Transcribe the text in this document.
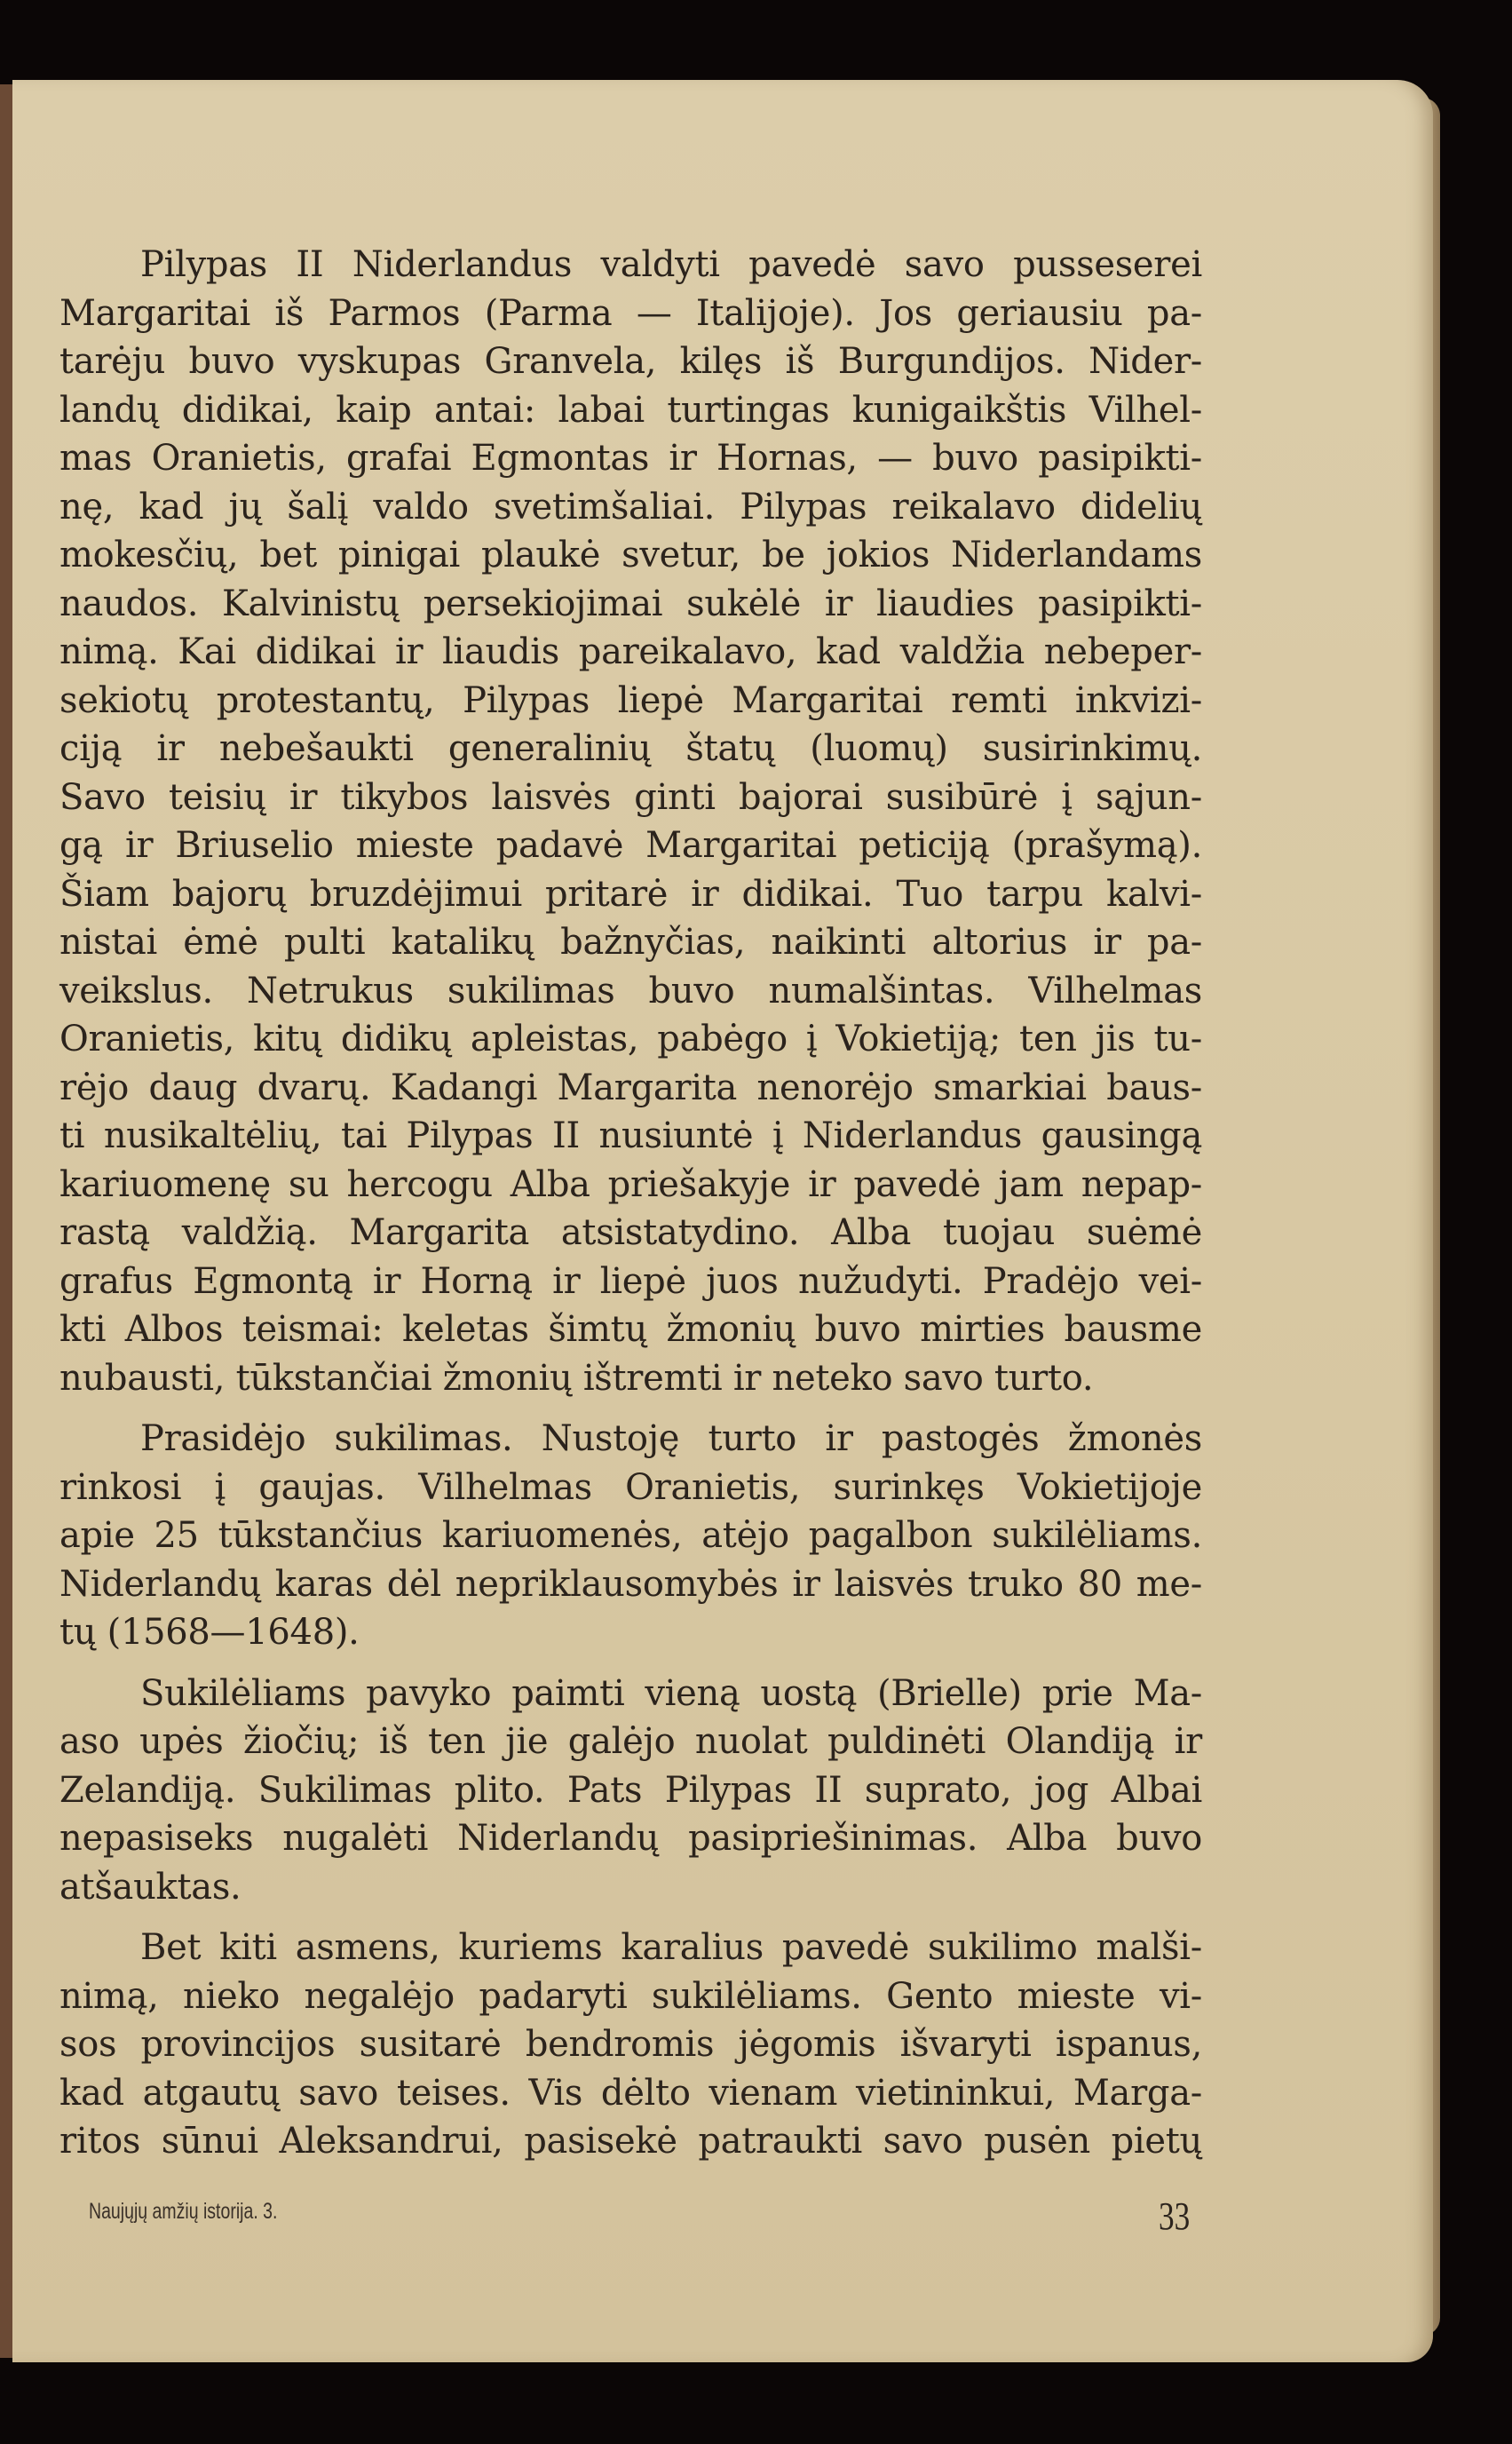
Pilypas II Niderlandus valdyti pavedė savo pusseserei
Margaritai iš Parmos (Parma — Italijoje). Jos geriausiu pa-
tarėju buvo vyskupas Granvela, kilęs iš Burgundijos. Nider-
landų didikai, kaip antai: labai turtingas kunigaikštis Vilhel-
mas Oranietis, grafai Egmontas ir Hornas, — buvo pasipikti-
nę, kad jų šalį valdo svetimšaliai. Pilypas reikalavo didelių
mokesčių, bet pinigai plaukė svetur, be jokios Niderlandams
naudos. Kalvinistų persekiojimai sukėlė ir liaudies pasipikti-
nimą. Kai didikai ir liaudis pareikalavo, kad valdžia nebeper-
sekiotų protestantų, Pilypas liepė Margaritai remti inkvizi-
ciją ir nebešaukti generalinių štatų (luomų) susirinkimų.
Savo teisių ir tikybos laisvės ginti bajorai susibūrė į sąjun-
gą ir Briuselio mieste padavė Margaritai peticiją (prašymą).
Šiam bajorų bruzdėjimui pritarė ir didikai. Tuo tarpu kalvi-
nistai ėmė pulti katalikų bažnyčias, naikinti altorius ir pa-
veikslus. Netrukus sukilimas buvo numalšintas. Vilhelmas
Oranietis, kitų didikų apleistas, pabėgo į Vokietiją; ten jis tu-
rėjo daug dvarų. Kadangi Margarita nenorėjo smarkiai baus-
ti nusikaltėlių, tai Pilypas II nusiuntė į Niderlandus gausingą
kariuomenę su hercogu Alba priešakyje ir pavedė jam nepap-
rastą valdžią. Margarita atsistatydino. Alba tuojau suėmė
grafus Egmontą ir Horną ir liepė juos nužudyti. Pradėjo vei-
kti Albos teismai: keletas šimtų žmonių buvo mirties bausme
nubausti, tūkstančiai žmonių ištremti ir neteko savo turto.
Prasidėjo sukilimas. Nustoję turto ir pastogės žmonės
rinkosi į gaujas. Vilhelmas Oranietis, surinkęs Vokietijoje
apie 25 tūkstančius kariuomenės, atėjo pagalbon sukilėliams.
Niderlandų karas dėl nepriklausomybės ir laisvės truko 80 me-
tų (1568—1648).
Sukilėliams pavyko paimti vieną uostą (Brielle) prie Ma-
aso upės žiočių; iš ten jie galėjo nuolat puldinėti Olandiją ir
Zelandiją. Sukilimas plito. Pats Pilypas II suprato, jog Albai
nepasiseks nugalėti Niderlandų pasipriešinimas. Alba buvo
atšauktas.
Bet kiti asmens, kuriems karalius pavedė sukilimo malši-
nimą, nieko negalėjo padaryti sukilėliams. Gento mieste vi-
sos provincijos susitarė bendromis jėgomis išvaryti ispanus,
kad atgautų savo teises. Vis dėlto vienam vietininkui, Marga-
ritos sūnui Aleksandrui, pasisekė patraukti savo pusėn pietų
Naujųjų amžių istorija. 3.	33
